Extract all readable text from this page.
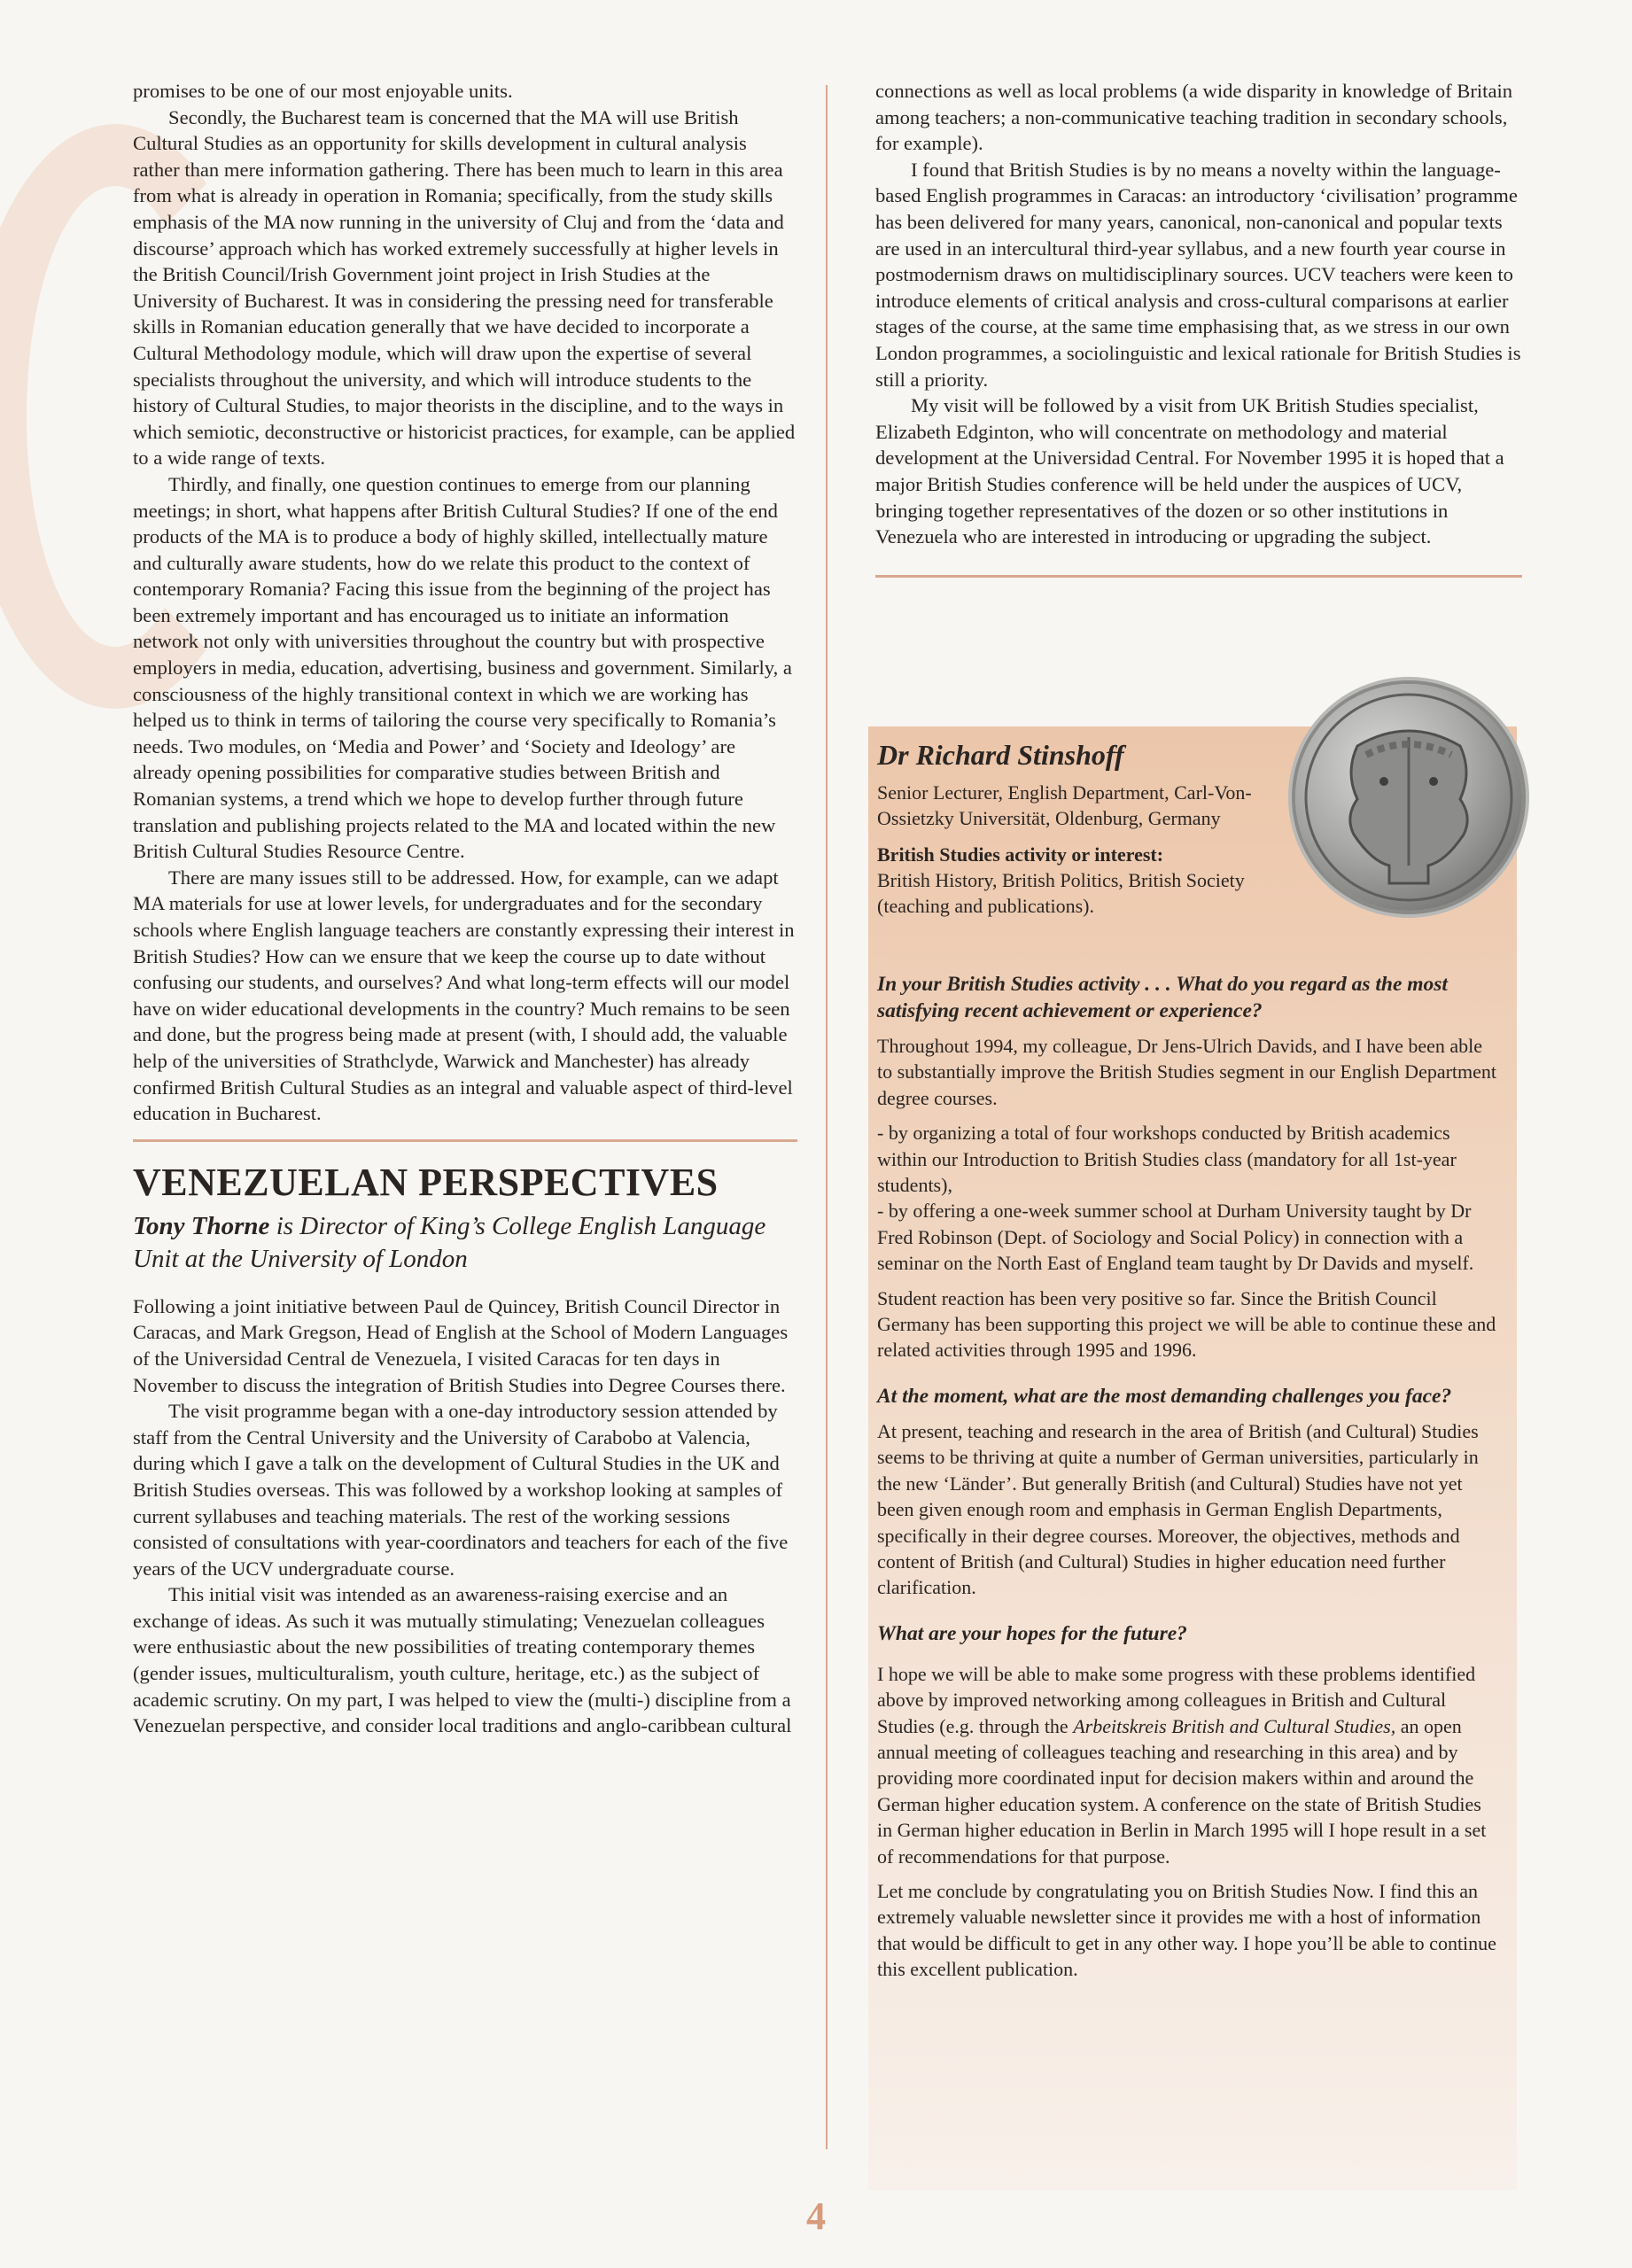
promises to be one of our most enjoyable units.

Secondly, the Bucharest team is concerned that the MA will use British Cultural Studies as an opportunity for skills development in cultural analysis rather than mere information gathering. There has been much to learn in this area from what is already in operation in Romania; specifically, from the study skills emphasis of the MA now running in the university of Cluj and from the ‘data and discourse’ approach which has worked extremely successfully at higher levels in the British Council/Irish Government joint project in Irish Studies at the University of Bucharest. It was in considering the pressing need for transferable skills in Romanian education generally that we have decided to incorporate a Cultural Methodology module, which will draw upon the expertise of several specialists throughout the university, and which will introduce students to the history of Cultural Studies, to major theorists in the discipline, and to the ways in which semiotic, deconstructive or historicist practices, for example, can be applied to a wide range of texts.

Thirdly, and finally, one question continues to emerge from our planning meetings; in short, what happens after British Cultural Studies? If one of the end products of the MA is to produce a body of highly skilled, intellectually mature and culturally aware students, how do we relate this product to the context of contemporary Romania? Facing this issue from the beginning of the project has been extremely important and has encouraged us to initiate an information network not only with universities throughout the country but with prospective employers in media, education, advertising, business and government. Similarly, a consciousness of the highly transitional context in which we are working has helped us to think in terms of tailoring the course very specifically to Romania’s needs. Two modules, on ‘Media and Power’ and ‘Society and Ideology’ are already opening possibilities for comparative studies between British and Romanian systems, a trend which we hope to develop further through future translation and publishing projects related to the MA and located within the new British Cultural Studies Resource Centre.

There are many issues still to be addressed. How, for example, can we adapt MA materials for use at lower levels, for undergraduates and for the secondary schools where English language teachers are constantly expressing their interest in British Studies? How can we ensure that we keep the course up to date without confusing our students, and ourselves? And what long-term effects will our model have on wider educational developments in the country? Much remains to be seen and done, but the progress being made at present (with, I should add, the valuable help of the universities of Strathclyde, Warwick and Manchester) has already confirmed British Cultural Studies as an integral and valuable aspect of third-level education in Bucharest.

VENEZUELAN PERSPECTIVES
Tony Thorne is Director of King’s College English Language Unit at the University of London

Following a joint initiative between Paul de Quincey, British Council Director in Caracas, and Mark Gregson, Head of English at the School of Modern Languages of the Universidad Central de Venezuela, I visited Caracas for ten days in November to discuss the integration of British Studies into Degree Courses there.

The visit programme began with a one-day introductory session attended by staff from the Central University and the University of Carabobo at Valencia, during which I gave a talk on the development of Cultural Studies in the UK and British Studies overseas. This was followed by a workshop looking at samples of current syllabuses and teaching materials. The rest of the working sessions consisted of consultations with year-coordinators and teachers for each of the five years of the UCV undergraduate course.

This initial visit was intended as an awareness-raising exercise and an exchange of ideas. As such it was mutually stimulating; Venezuelan colleagues were enthusiastic about the new possibilities of treating contemporary themes (gender issues, multiculturalism, youth culture, heritage, etc.) as the subject of academic scrutiny. On my part, I was helped to view the (multi-) discipline from a Venezuelan perspective, and consider local traditions and anglo-caribbean cultural

connections as well as local problems (a wide disparity in knowledge of Britain among teachers; a non-communicative teaching tradition in secondary schools, for example).

I found that British Studies is by no means a novelty within the language-based English programmes in Caracas: an introductory ‘civilisation’ programme has been delivered for many years, canonical, non-canonical and popular texts are used in an intercultural third-year syllabus, and a new fourth year course in postmodernism draws on multidisciplinary sources. UCV teachers were keen to introduce elements of critical analysis and cross-cultural comparisons at earlier stages of the course, at the same time emphasising that, as we stress in our own London programmes, a sociolinguistic and lexical rationale for British Studies is still a priority.

My visit will be followed by a visit from UK British Studies specialist, Elizabeth Edginton, who will concentrate on methodology and material development at the Universidad Central. For November 1995 it is hoped that a major British Studies conference will be held under the auspices of UCV, bringing together representatives of the dozen or so other institutions in Venezuela who are interested in introducing or upgrading the subject.

Dr Richard Stinshoff

Senior Lecturer, English Department, Carl-Von-Ossietzky Universität, Oldenburg, Germany

British Studies activity or interest:

British History, British Politics, British Society (teaching and publications).

In your British Studies activity . . . What do you regard as the most satisfying recent achievement or experience?

Throughout 1994, my colleague, Dr Jens-Ulrich Davids, and I have been able to substantially improve the British Studies segment in our English Department degree courses.

- by organizing a total of four workshops conducted by British academics within our Introduction to British Studies class (mandatory for all 1st-year students),

- by offering a one-week summer school at Durham University taught by Dr Fred Robinson (Dept. of Sociology and Social Policy) in connection with a seminar on the North East of England team taught by Dr Davids and myself.

Student reaction has been very positive so far. Since the British Council Germany has been supporting this project we will be able to continue these and related activities through 1995 and 1996.

At the moment, what are the most demanding challenges you face?

At present, teaching and research in the area of British (and Cultural) Studies seems to be thriving at quite a number of German universities, particularly in the new ‘Länder’. But generally British (and Cultural) Studies have not yet been given enough room and emphasis in German English Departments, specifically in their degree courses. Moreover, the objectives, methods and content of British (and Cultural) Studies in higher education need further clarification.

What are your hopes for the future?

I hope we will be able to make some progress with these problems identified above by improved networking among colleagues in British and Cultural Studies (e.g. through the Arbeitskreis British and Cultural Studies, an open annual meeting of colleagues teaching and researching in this area) and by providing more coordinated input for decision makers within and around the German higher education system. A conference on the state of British Studies in German higher education in Berlin in March 1995 will I hope result in a set of recommendations for that purpose.

Let me conclude by congratulating you on British Studies Now. I find this an extremely valuable newsletter since it provides me with a host of information that would be difficult to get in any other way. I hope you’ll be able to continue this excellent publication.

4
